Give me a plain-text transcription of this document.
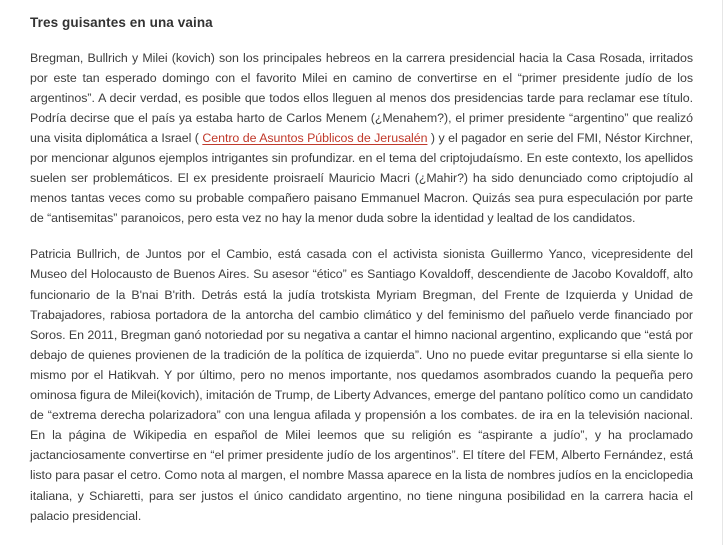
Tres guisantes en una vaina

Bregman, Bullrich y Milei (kovich) son los principales hebreos en la carrera presidencial hacia la Casa Rosada, irritados por este tan esperado domingo con el favorito Milei en camino de convertirse en el “primer presidente judío de los argentinos”. A decir verdad, es posible que todos ellos lleguen al menos dos presidencias tarde para reclamar ese título. Podría decirse que el país ya estaba harto de Carlos Menem (¿Menahem?), el primer presidente “argentino” que realizó una visita diplomática a Israel ( Centro de Asuntos Públicos de Jerusalén ) y el pagador en serie del FMI, Néstor Kirchner, por mencionar algunos ejemplos intrigantes sin profundizar. en el tema del criptojudaísmo. En este contexto, los apellidos suelen ser problemáticos. El ex presidente proisraelí Mauricio Macri (¿Mahir?) ha sido denunciado como criptojudío al menos tantas veces como su probable compañero paisano Emmanuel Macron. Quizás sea pura especulación por parte de “antisemitas” paranoicos, pero esta vez no hay la menor duda sobre la identidad y lealtad de los candidatos.

Patricia Bullrich, de Juntos por el Cambio, está casada con el activista sionista Guillermo Yanco, vicepresidente del Museo del Holocausto de Buenos Aires. Su asesor “ético” es Santiago Kovaldoff, descendiente de Jacobo Kovaldoff, alto funcionario de la B'nai B'rith. Detrás está la judía trotskista Myriam Bregman, del Frente de Izquierda y Unidad de Trabajadores, rabiosa portadora de la antorcha del cambio climático y del feminismo del pañuelo verde financiado por Soros. En 2011, Bregman ganó notoriedad por su negativa a cantar el himno nacional argentino, explicando que “está por debajo de quienes provienen de la tradición de la política de izquierda”. Uno no puede evitar preguntarse si ella siente lo mismo por el Hatikvah. Y por último, pero no menos importante, nos quedamos asombrados cuando la pequeña pero ominosa figura de Milei(kovich), imitación de Trump, de Liberty Advances, emerge del pantano político como un candidato de “extrema derecha polarizadora” con una lengua afilada y propensión a los combates. de ira en la televisión nacional. En la página de Wikipedia en español de Milei leemos que su religión es “aspirante a judío”, y ha proclamado jactanciosamente convertirse en “el primer presidente judío de los argentinos”. El títere del FEM, Alberto Fernández, está listo para pasar el cetro. Como nota al margen, el nombre Massa aparece en la lista de nombres judíos en la enciclopedia italiana, y Schiaretti, para ser justos el único candidato argentino, no tiene ninguna posibilidad en la carrera hacia el palacio presidencial.
